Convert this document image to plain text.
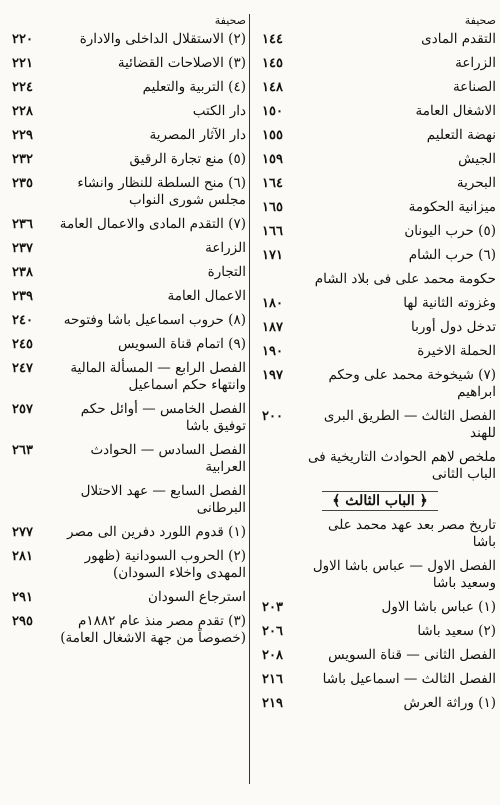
صحيفة
التقدم المادى
١٤٤
الزراعة
١٤٥
الصناعة
١٤٨
الاشغال العامة
١٥٠
نهضة التعليم
١٥٥
الجيش
١٥٩
البحرية
١٦٤
ميزانية الحكومة
١٦٥
(٥) حرب اليونان
١٦٦
(٦) حرب الشام
١٧١
حكومة محمد على فى بلاد الشام
وغزوته الثانية لها
١٨٠
تدخل دول أوربا
١٨٧
الحملة الاخيرة
١٩٠
(٧) شيخوخة محمد على وحكم ابراهيم
١٩٧
الفصل الثالث — الطريق البرى للهند
٢٠٠
ملخص لاهم الحوادث التاريخية فى الباب الثانى
﴿ الباب الثالث ﴾
تاريخ مصر بعد عهد محمد على باشا
الفصل الاول — عباس باشا الاول وسعيد باشا
(١) عباس باشا الاول
٢٠٣
(٢) سعيد باشا
٢٠٦
الفصل الثانى — قناة السويس
٢٠٨
الفصل الثالث — اسماعيل باشا
٢١٦
(١) وراثة العرش
٢١٩
صحيفة
(٢) الاستقلال الداخلى والادارة
٢٢٠
(٣) الاصلاحات القضائية
٢٢١
(٤) التربية والتعليم
٢٢٤
دار الكتب
٢٢٨
دار الآثار المصرية
٢٢٩
(٥) منع تجارة الرقيق
٢٣٢
(٦) منح السلطة للنظار وانشاء مجلس شورى النواب
٢٣٥
(٧) التقدم المادى والاعمال العامة
٢٣٦
الزراعة
٢٣٧
التجارة
٢٣٨
الاعمال العامة
٢٣٩
(٨) حروب اسماعيل باشا وفتوحه
٢٤٠
(٩) اتمام قناة السويس
٢٤٥
الفصل الرابع — المسألة المالية وانتهاء حكم اسماعيل
٢٤٧
الفصل الخامس — أوائل حكم توفيق باشا
٢٥٧
الفصل السادس — الحوادث العرابية
٢٦٣
الفصل السابع — عهد الاحتلال البرطانى
(١) قدوم اللورد دفرين الى مصر
٢٧٧
(٢) الحروب السودانية (ظهور المهدى واخلاء السودان)
٢٨١
استرجاع السودان
٢٩١
(٣) تقدم مصر منذ عام ١٨٨٢م (خصوصاً من جهة الاشغال العامة)
٢٩٥
